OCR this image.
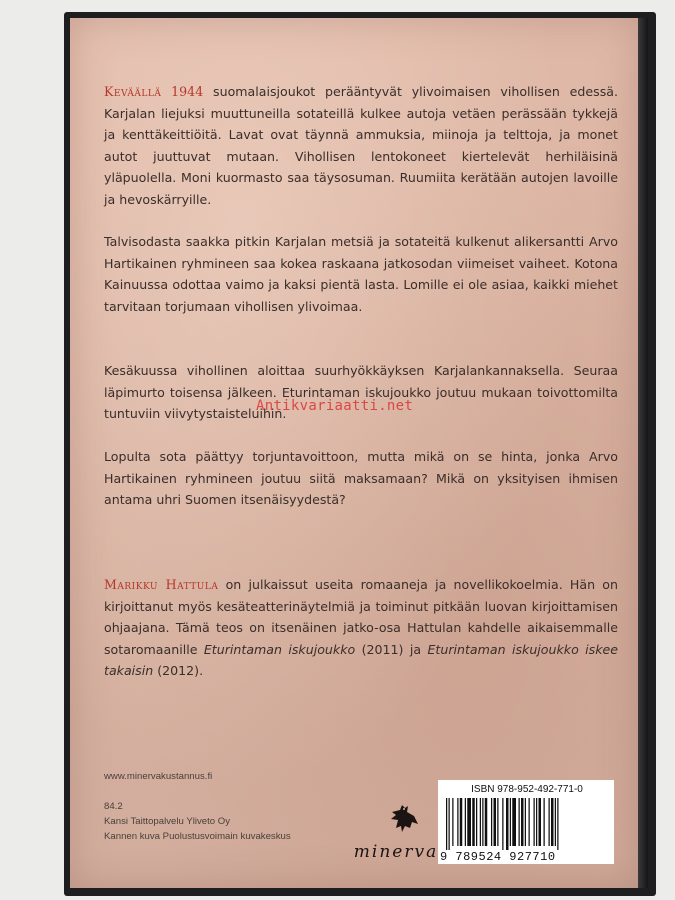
Keväällä 1944 suomalaisjoukot perääntyvät ylivoimaisen vihollisen edessä. Karjalan liejuksi muuttuneilla sotateillä kulkee autoja vetäen perässään tykkejä ja kenttäkeittiöitä. Lavat ovat täynnä ammuksia, miinoja ja telttoja, ja monet autot juuttuvat mutaan. Vihollisen lentokoneet kiertelevät herhiläisinä yläpuolella. Moni kuormasto saa täysosuman. Ruumiita kerätään autojen lavoille ja hevoskärryille.

Talvisodasta saakka pitkin Karjalan metsiä ja sotateitä kulkenut alikersantti Arvo Hartikainen ryhmineen saa kokea raskaana jatkosodan viimeiset vaiheet. Kotona Kainuussa odottaa vaimo ja kaksi pientä lasta. Lomille ei ole asiaa, kaikki miehet tarvitaan torjumaan vihollisen ylivoimaa.

Kesäkuussa vihollinen aloittaa suurhyökkäyksen Karjalankannaksella. Seuraa läpimurto toisensa jälkeen. Eturintaman iskujoukko joutuu mukaan toivottomilta tuntuviin viivytystaisteluihin.

Lopulta sota päättyy torjuntavoittoon, mutta mikä on se hinta, jonka Arvo Hartikainen ryhmineen joutuu siitä maksamaan? Mikä on yksityisen ihmisen antama uhri Suomen itsenäisyydestä?

Marikku Hattula on julkaissut useita romaaneja ja novellikokoelmia. Hän on kirjoittanut myös kesäteatterinäytelmiä ja toiminut pitkään luovan kirjoittamisen ohjaajana. Tämä teos on itsenäinen jatko-osa Hattulan kahdelle aikaisemmalle sotaromaanille Eturintaman iskujoukko (2011) ja Eturintaman iskujoukko iskee takaisin (2012).

www.minervakustannus.fi
84.2
Kansi Taittopalvelu Yliveto Oy
Kannen kuva Puolustusvoimain kuvakeskus
minerva
ISBN 978-952-492-771-0
9 789524 927710
Antikvariaatti.net
